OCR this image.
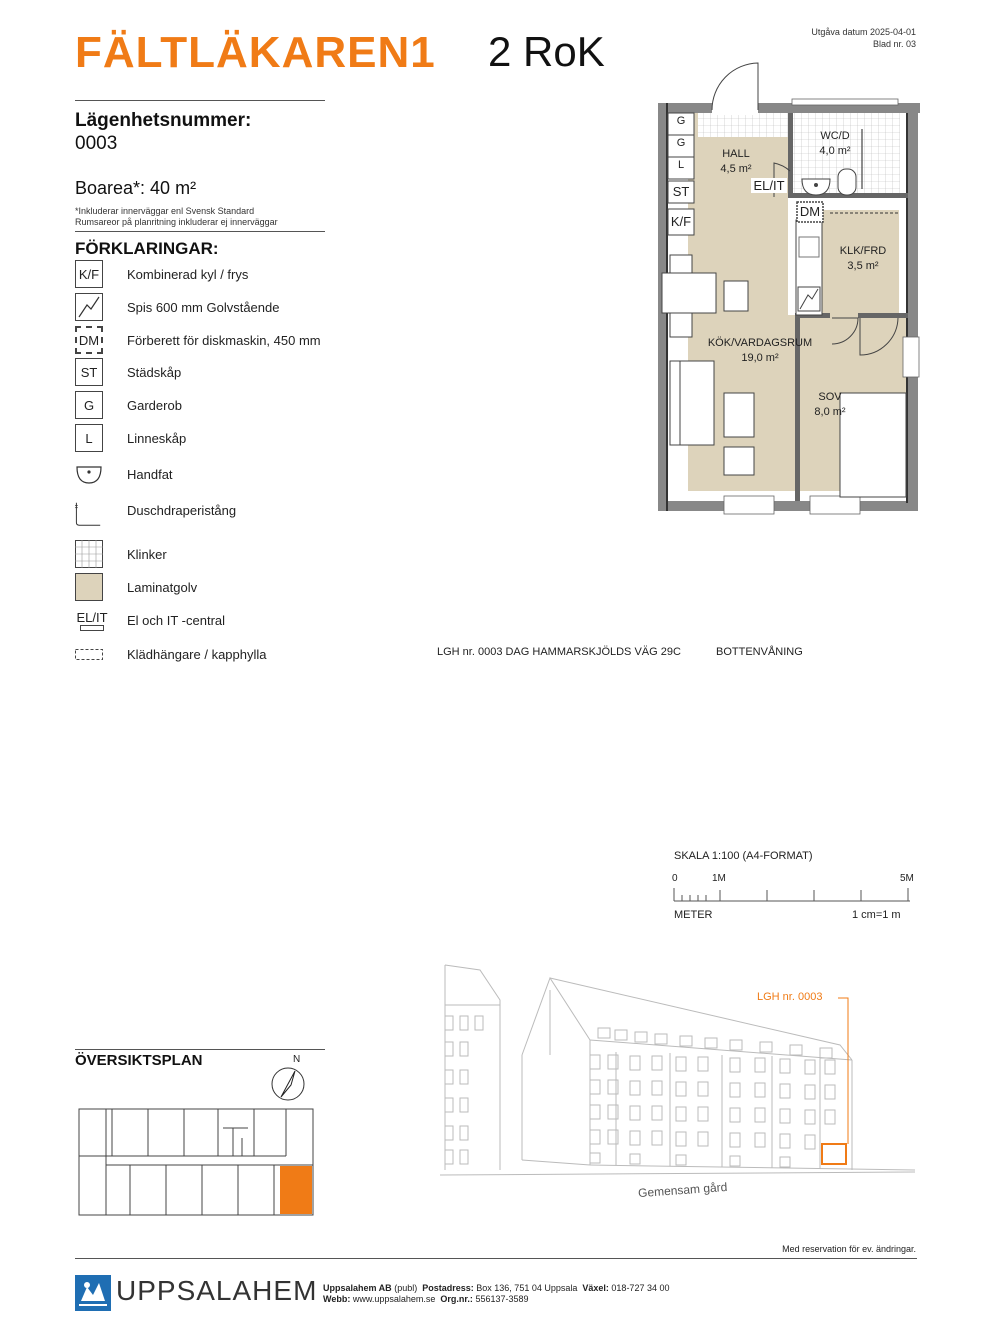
FÄLTLÄKAREN1 2 RoK	Utgåva datum 2025-04-01
Blad nr. 03
Lägenhetsnummer:
0003
Boarea*: 40 m²
*Inkluderar innerväggar enl Svensk Standard
Rumsareor på planritning inkluderar ej innerväggar
FÖRKLARINGAR:
K/F Kombinerad kyl / frys
Spis 600 mm Golvstående
DM Förberett för diskmaskin, 450 mm
ST	Städskåp
G	Garderob
L	Linneskåp
Handfat
Duschdraperistång
Klinker
Laminatgolv
EL/IT El och IT -central
Klädhängare / kapphylla
G
G
L
ST
K/F
HALL
4,5 m²
WC/D
4,0 m²
EL/IT
DM
KLK/FRD
3,5 m²
KÖK/VARDAGSRUM
19,0 m²
SOV
8,0 m²
LGH nr. 0003 DAG HAMMARSKJÖLDS VÄG 29C	BOTTENVÅNING
SKALA 1:100 (A4-FORMAT)
0	1M	5M
METER	1 cm=1 m
LGH nr. 0003
Gemensam gård
ÖVERSIKTSPLAN	N
Med reservation för ev. ändringar.
UPPSALAHEM Uppsalahem AB (publ) Postadress: Box 136, 751 04 Uppsala Växel: 018-727 34 00
Webb: www.uppsalahem.se Org.nr.: 556137-3589
